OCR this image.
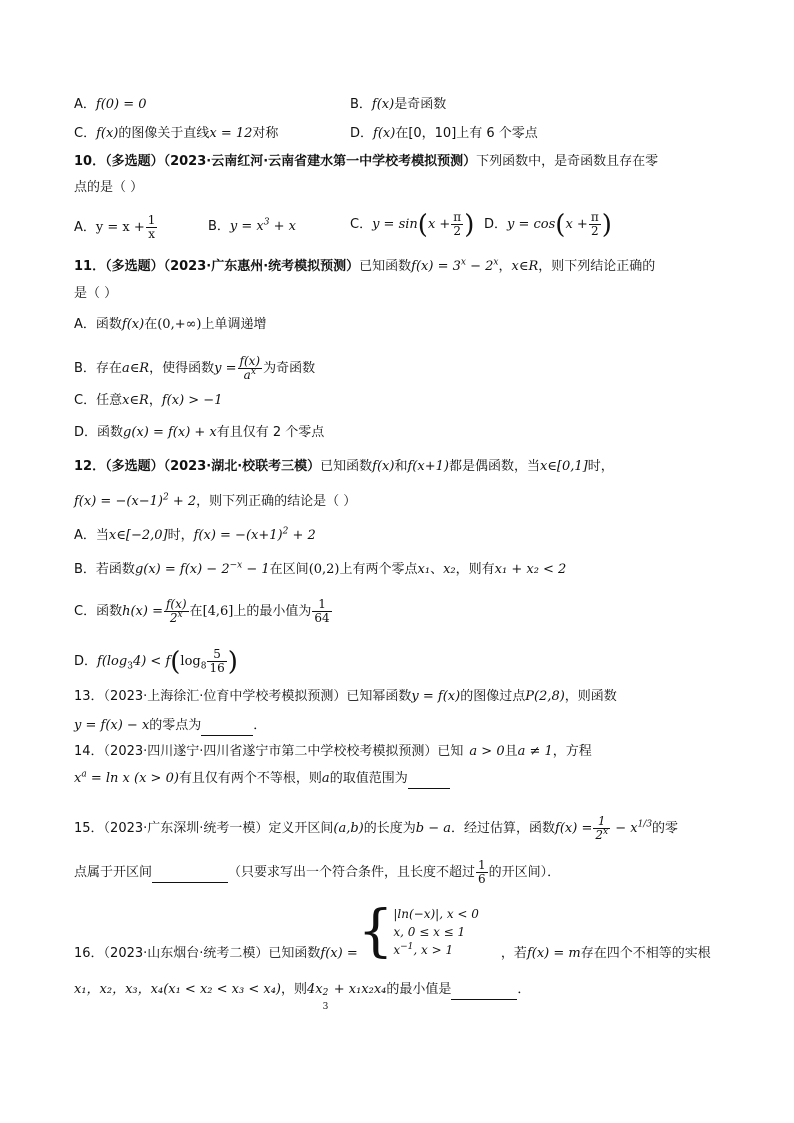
A．f(0) = 0	B．f(x)是奇函数
C．f(x)的图像关于直线x = 12对称	D．f(x)在[0，10]上有 6 个零点
10．（多选题）（2023·云南红河·云南省建水第一中学校考模拟预测）下列函数中，是奇函数且存在零
点的是（ ）
A．$y = x + \frac{1}{x}$	B．$y = x^3 + x$	C．$y = \sin(x + \frac{\pi}{2}$ ) D．$y = \cos(x + \frac{\pi}{2}$ )
11．（多选题）（2023·广东惠州·统考模拟预测）已知函数$f(x) = 3^x - 2^x$，x∈R，则下列结论正确的
是（ ）
A．函数f(x)在(0,+∞)上单调递增
B．存在a∈R，使得函数$y = \frac{f(x)}{a^x}$ 为奇函数
C．任意x∈R，f(x) > −1
D．函数g(x) = f(x) + x有且仅有 2 个零点
12．（多选题）（2023·湖北·校联考三模）已知函数f(x)和f(x+1)都是偶函数，当x∈[0,1]时，
$f(x) = -(x-1)^2 + 2$，则下列正确的结论是（ ）
A．当x∈[−2,0]时，$f(x) = -(x+1)^2 + 2$
B．若函数$g(x) = f(x) - 2^{-x} - 1$在区间(0,2)上有两个零点x₁、x₂，则有x₁ + x₂ < 2
C．函数$h(x) = \frac{f(x)}{2^x}$ 在[4,6]上的最小值为 $\frac{1}{64}$
D．$f(\log_34) < f(\log_8 \frac{5}{16}$ )
13．（2023·上海徐汇·位育中学校考模拟预测）已知幂函数y = f(x)的图像过点P(2,8)，则函数
y = f(x) − x的零点为	．
14．（2023·四川遂宁·四川省遂宁市第二中学校校考模拟预测）已知 a > 0且a ≠ 1，方程
$x^a = \ln x$ (x > 0)有且仅有两个不等根，则a的取值范围为
15．（2023·广东深圳·统考一模）定义开区间(a,b)的长度为b − a．经过估算，函数$f(x) = \frac{1}{2^x} - x^{1/3}$的零
点属于开区间	（只要求写出一个符合条件，且长度不超过 $\frac{1}{6}$ 的开区间）．
16．（2023·山东烟台·统考二模）已知函数f(x) ={ |ln(−x)|, x < 0
x, 0 ≤ x ≤ 1
$x^{-1}$, x > 1	，若f(x) = m存在四个不相等的实根
x₁，x₂，x₃，x₄(x₁ < x₂ < x₃ < x₄)，则4x 2
3
+ x₁x₂x₄的最小值是	．
